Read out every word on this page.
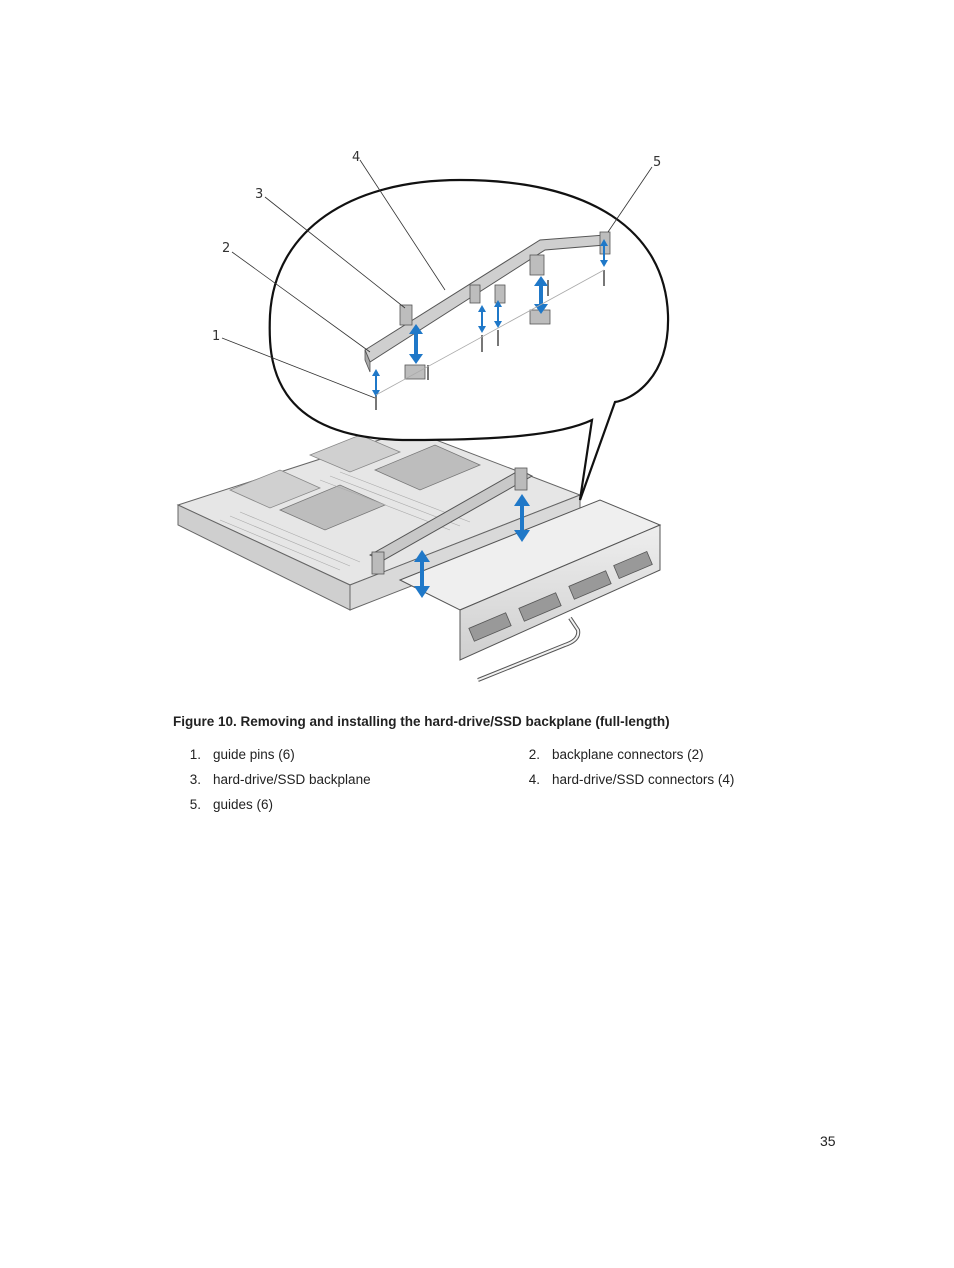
1
2
3
4	5
Figure 10. Removing and installing the hard-drive/SSD backplane (full-length)
1. guide pins (6)	2. backplane connectors (2)
3. hard-drive/SSD backplane	4. hard-drive/SSD connectors (4)
5. guides (6)
35
